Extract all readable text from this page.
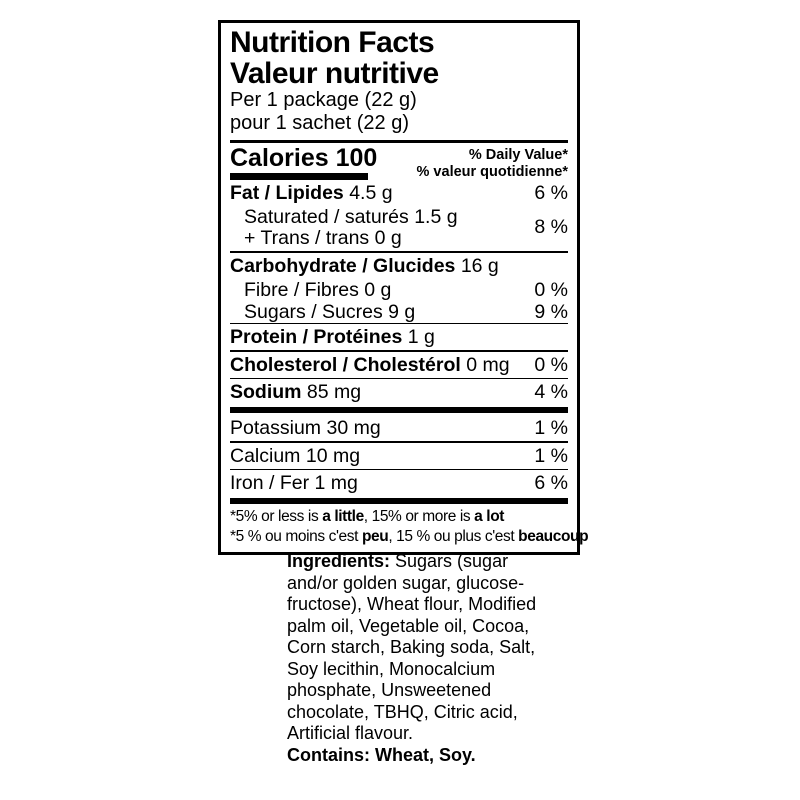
Nutrition Facts
Valeur nutritive
Per 1 package (22 g)
pour 1 sachet (22 g)
Calories 100	% Daily Value*
% valeur quotidienne*
Fat / Lipides 4.5 g	6 %
Saturated / saturés 1.5 g
+ Trans / trans 0 g	8 %
Carbohydrate / Glucides 16 g
Fibre / Fibres 0 g	0 %
Sugars / Sucres 9 g	9 %
Protein / Protéines 1 g
Cholesterol / Cholestérol 0 mg 0 %
Sodium 85 mg	4 %
Potassium 30 mg	1 %
Calcium 10 mg	1 %
Iron / Fer 1 mg	6 %
*5% or less is a little, 15% or more is a lot
*5 % ou moins c'est peu, 15 % ou plus c'est beaucoup
Ingredients: Sugars (sugar and/or golden sugar, glucose-fructose), Wheat flour, Modified palm oil, Vegetable oil, Cocoa, Corn starch, Baking soda, Salt, Soy lecithin, Monocalcium phosphate, Unsweetened chocolate, TBHQ, Citric acid, Artificial flavour.
Contains: Wheat, Soy.
